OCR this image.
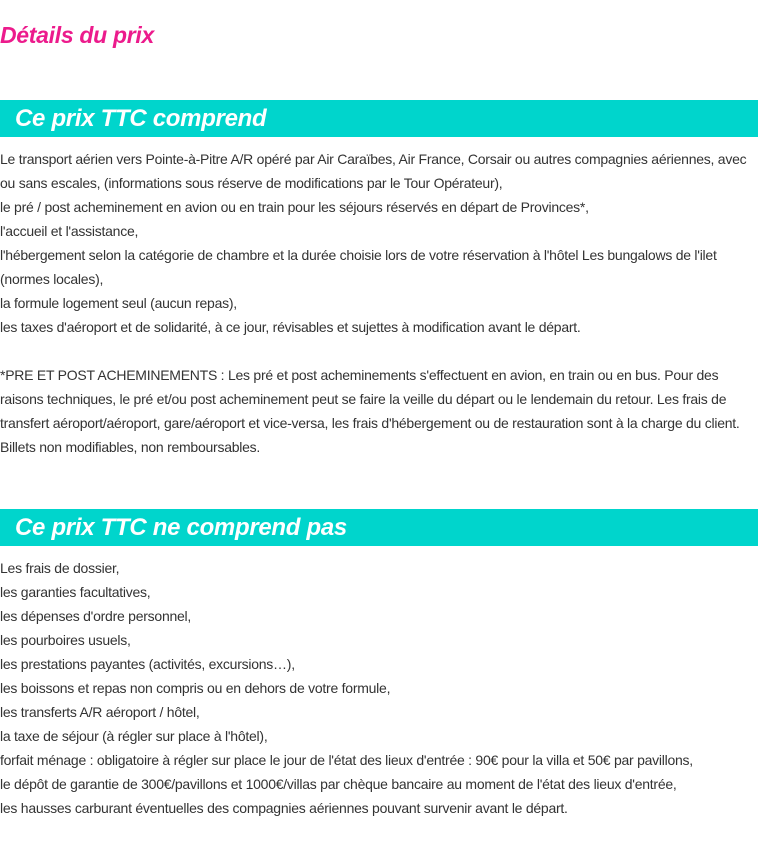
Détails du prix
Ce prix TTC comprend

Le transport aérien vers Pointe-à-Pitre A/R opéré par Air Caraïbes, Air France, Corsair ou autres compagnies aériennes, avec ou sans escales, (informations sous réserve de modifications par le Tour Opérateur),

le pré / post acheminement en avion ou en train pour les séjours réservés en départ de Provinces*,

l'accueil et l'assistance,

l'hébergement selon la catégorie de chambre et la durée choisie lors de votre réservation à l'hôtel Les bungalows de l'ilet (normes locales),

la formule logement seul (aucun repas),

les taxes d'aéroport et de solidarité, à ce jour, révisables et sujettes à modification avant le départ.

*PRE ET POST ACHEMINEMENTS : Les pré et post acheminements s'effectuent en avion, en train ou en bus. Pour des raisons techniques, le pré et/ou post acheminement peut se faire la veille du départ ou le lendemain du retour. Les frais de transfert aéroport/aéroport, gare/aéroport et vice-versa, les frais d'hébergement ou de restauration sont à la charge du client. Billets non modifiables, non remboursables.

Ce prix TTC ne comprend pas

Les frais de dossier,

les garanties facultatives,

les dépenses d'ordre personnel,

les pourboires usuels,

les prestations payantes (activités, excursions…),

les boissons et repas non compris ou en dehors de votre formule,

les transferts A/R aéroport / hôtel,

la taxe de séjour (à régler sur place à l'hôtel),

forfait ménage : obligatoire à régler sur place le jour de l'état des lieux d'entrée : 90€ pour la villa et 50€ par pavillons,

le dépôt de garantie de 300€/pavillons et 1000€/villas par chèque bancaire au moment de l'état des lieux d'entrée,

les hausses carburant éventuelles des compagnies aériennes pouvant survenir avant le départ.
